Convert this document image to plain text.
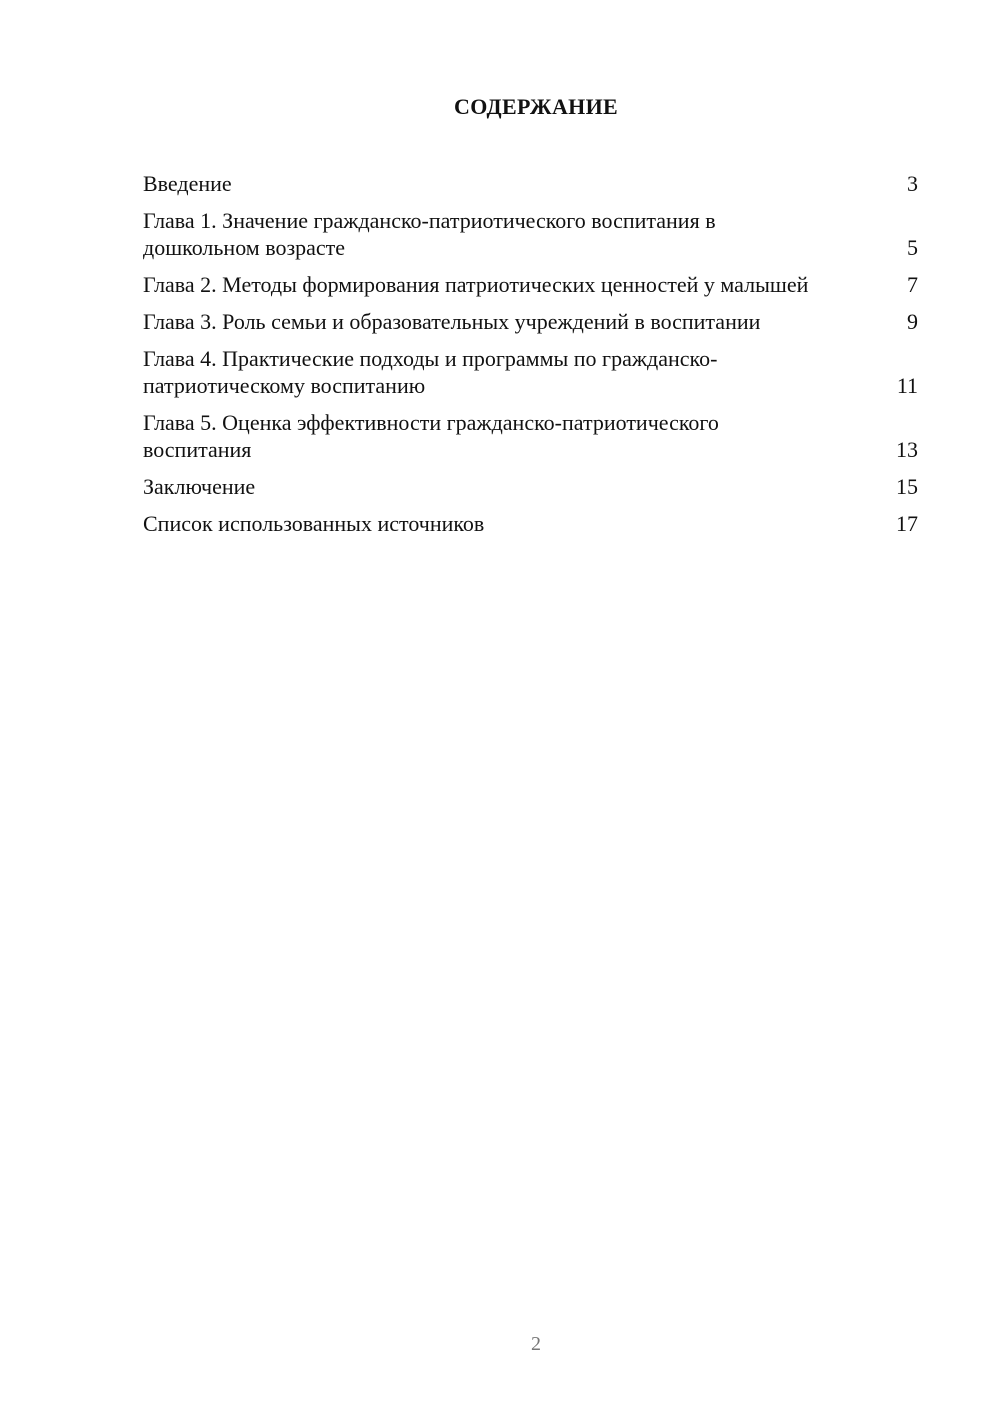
СОДЕРЖАНИЕ
Введение	3
Глава 1. Значение гражданско-патриотического воспитания в дошкольном возрасте	5
Глава 2. Методы формирования патриотических ценностей у малышей	7
Глава 3. Роль семьи и образовательных учреждений в воспитании	9
Глава 4. Практические подходы и программы по гражданско-патриотическому воспитанию	11
Глава 5. Оценка эффективности гражданско-патриотического воспитания	13
Заключение	15
Список использованных источников	17
2
